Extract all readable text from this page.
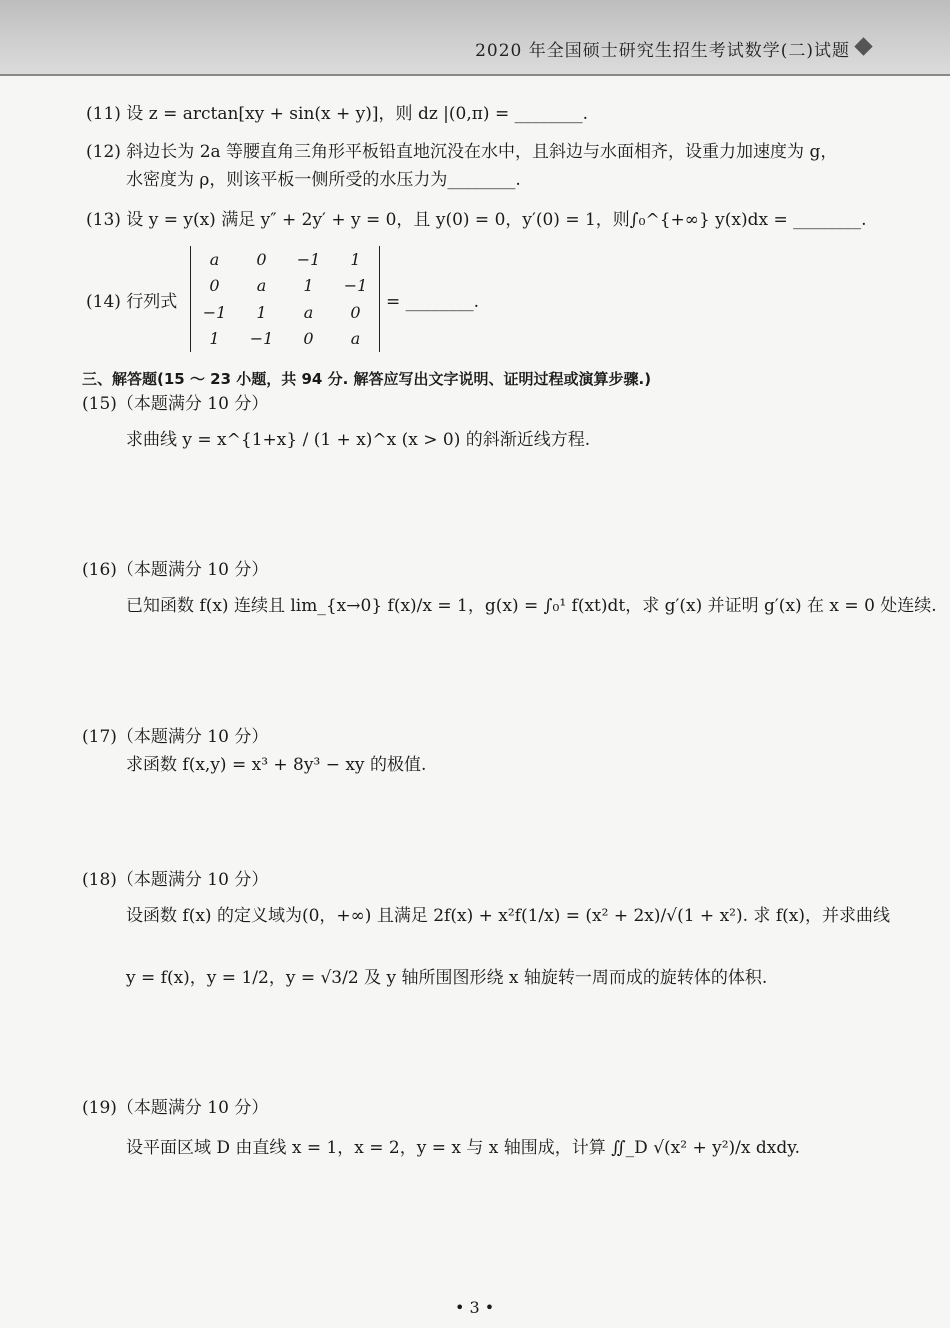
2020 年全国硕士研究生招生考试数学(二)试题
(11) 设 z = arctan[xy + sin(x + y)]，则 dz |(0,π) = ________.
(12) 斜边长为 2a 等腰直角三角形平板铅直地沉没在水中，且斜边与水面相齐，设重力加速度为 g，
水密度为 ρ，则该平板一侧所受的水压力为________.
(13) 设 y = y(x) 满足 y″ + 2y′ + y = 0，且 y(0) = 0，y′(0) = 1，则∫₀^{+∞} y(x)dx = ________.
(14) 行列式
a	0	−1	1
0	a	1	−1
−1	1	a	0
1	−1	0	a
= ________.
三、解答题(15 ～ 23 小题，共 94 分. 解答应写出文字说明、证明过程或演算步骤.)
(15)（本题满分 10 分）
求曲线 y = x^{1+x} / (1 + x)^x (x > 0) 的斜渐近线方程.
(16)（本题满分 10 分）
已知函数 f(x) 连续且 lim_{x→0} f(x)/x = 1，g(x) = ∫₀¹ f(xt)dt，求 g′(x) 并证明 g′(x) 在 x = 0 处连续.
(17)（本题满分 10 分）
求函数 f(x,y) = x³ + 8y³ − xy 的极值.
(18)（本题满分 10 分）
设函数 f(x) 的定义域为(0，+∞) 且满足 2f(x) + x²f(1/x) = (x² + 2x)/√(1 + x²). 求 f(x)，并求曲线
y = f(x)，y = 1/2，y = √3/2 及 y 轴所围图形绕 x 轴旋转一周而成的旋转体的体积.
(19)（本题满分 10 分）
设平面区域 D 由直线 x = 1，x = 2，y = x 与 x 轴围成，计算 ∬_D √(x² + y²)/x dxdy.
• 3 •
